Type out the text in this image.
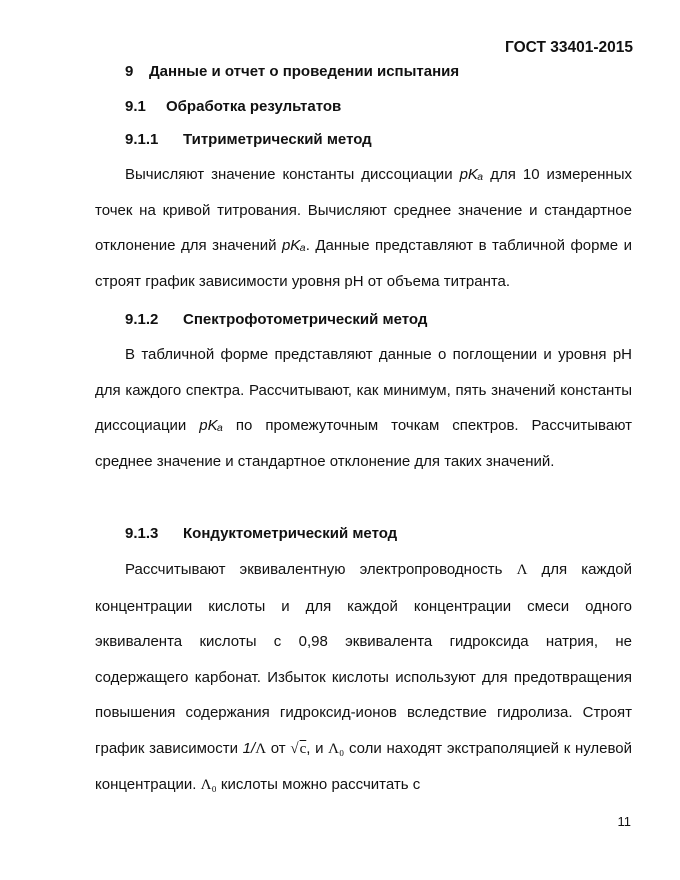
ГОСТ 33401-2015
9 Данные и отчет о проведении испытания
9.1 Обработка результатов
9.1.1 Титриметрический метод

Вычисляют значение константы диссоциации pKₐ для 10 измеренных точек на кривой титрования. Вычисляют среднее значение и стандартное отклонение для значений pKₐ. Данные представляют в табличной форме и строят график зависимости уровня pH от объема титранта.

9.1.2 Спектрофотометрический метод

В табличной форме представляют данные о поглощении и уровня pH для каждого спектра. Рассчитывают, как минимум, пять значений константы диссоциации pKₐ по промежуточным точкам спектров. Рассчитывают среднее значение и стандартное отклонение для таких значений.

9.1.3 Кондуктометрический метод

Рассчитывают эквивалентную электропроводность Λ для каждой концентрации кислоты и для каждой концентрации смеси одного эквивалента кислоты с 0,98 эквивалента гидроксида натрия, не содержащего карбонат. Избыток кислоты используют для предотвращения повышения содержания гидроксид-ионов вследствие гидролиза. Строят график зависимости 1/Λ от √c, и Λ₀ соли находят экстраполяцией к нулевой концентрации. Λ₀ кислоты можно рассчитать с

11
